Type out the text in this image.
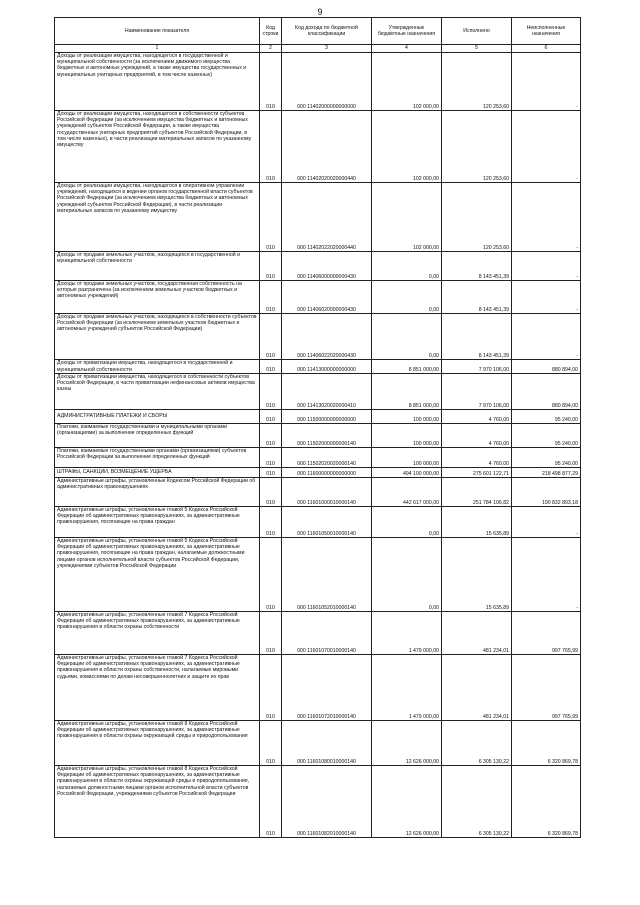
9
Наименование показателя	Код строки	Код дохода по бюджетной классификации	Утвержденные бюджетные назначения	Исполнено	Неисполненные назначения
1	2	3	4	5	6
Доходы от реализации имущества, находящегося в государственной и муниципальной собственности (за исключением движимого имущества бюджетных и автономных учреждений, а также имущества государственных и муниципальных унитарных предприятий, в том числе казенных)	010	000 11402000000000000	102 000,00	120 253,60	-
Доходы от реализации имущества, находящегося в собственности субъектов Российской Федерации (за исключением имущества бюджетных и автономных учреждений субъектов Российской Федерации, а также имущества государственных унитарных предприятий субъектов Российской Федерации, в том числе казенных), в части реализации материальных запасов по указанному имуществу	010	000 11402020020000440	102 000,00	120 253,60	-
Доходы от реализации имущества, находящегося в оперативном управлении учреждений, находящихся в ведении органов государственной власти субъектов Российской Федерации (за исключением имущества бюджетных и автономных учреждений субъектов Российской Федерации), в части реализации материальных запасов по указанному имуществу	010	000 11402022020000440	102 000,00	120 253,60	-
Доходы от продажи земельных участков, находящихся в государственной и муниципальной собственности	010	000 11406000000000430	0,00	8 143 451,39	-
Доходы от продажи земельных участков, государственная собственность на которые разграничена (за исключением земельных участков бюджетных и автономных учреждений)	010	000 11406020000000430	0,00	8 143 451,39	-
Доходы от продажи земельных участков, находящихся в собственности субъектов Российской Федерации (за исключением земельных участков бюджетных и автономных учреждений субъектов Российской Федерации)	010	000 11406022020000430	0,00	8 143 451,39	-
Доходы от приватизации имущества, находящегося в государственной и муниципальной собственности	010	000 11413000000000000	8 851 000,00	7 970 106,00	880 894,00
Доходы от приватизации имущества, находящегося в собственности субъектов Российской Федерации, в части приватизации нефинансовых активов имущества казны	010	000 11413020020000410	8 851 000,00	7 970 106,00	880 894,00
АДМИНИСТРАТИВНЫЕ ПЛАТЕЖИ И СБОРЫ	010	000 11500000000000000	100 000,00	4 760,00	95 240,00
Платежи, взимаемые государственными и муниципальными органами (организациями) за выполнение определенных функций	010	000 11502000000000140	100 000,00	4 760,00	95 240,00
Платежи, взимаемые государственными органами (организациями) субъектов Российской Федерации за выполнение определенных функций	010	000 11502020020000140	100 000,00	4 760,00	95 240,00
ШТРАФЫ, САНКЦИИ, ВОЗМЕЩЕНИЕ УЩЕРБА	010	000 11600000000000000	494 100 000,00	275 601 122,71	218 498 877,29
Административные штрафы, установленные Кодексом Российской Федерации об административных правонарушениях	010	000 11601000010000140	442 617 000,00	251 784 106,82	190 832 893,18
Административные штрафы, установленные главой 5 Кодекса Российской Федерации об административных правонарушениях, за административные правонарушения, посягающие на права граждан	010	000 11601050010000140	0,00	15 635,89	-
Административные штрафы, установленные главой 5 Кодекса Российской Федерации об административных правонарушениях, за административные правонарушения, посягающие на права граждан, налагаемые должностными лицами органов исполнительной власти субъектов Российской Федерации, учреждениями субъектов Российской Федерации	010	000 11601052010000140	0,00	15 635,89	-
Административные штрафы, установленные главой 7 Кодекса Российской Федерации об административных правонарушениях, за административные правонарушения в области охраны собственности	010	000 11601070010000140	1 479 000,00	481 234,01	997 765,99
Административные штрафы, установленные главой 7 Кодекса Российской Федерации об административных правонарушениях, за административные правонарушения в области охраны собственности, налагаемые мировыми судьями, комиссиями по делам несовершеннолетних и защите их прав	010	000 11601072010000140	1 479 000,00	481 234,01	997 765,99
Административные штрафы, установленные главой 8 Кодекса Российской Федерации об административных правонарушениях, за административные правонарушения в области охраны окружающей среды и природопользования	010	000 11601080010000140	12 626 000,00	6 305 130,22	6 320 869,78
Административные штрафы, установленные главой 8 Кодекса Российской Федерации об административных правонарушениях, за административные правонарушения в области охраны окружающей среды и природопользования, налагаемые должностными лицами органов исполнительной власти субъектов Российской Федерации, учреждениями субъектов Российской Федерации	010	000 11601082010000140	12 626 000,00	6 305 130,22	6 320 869,78
